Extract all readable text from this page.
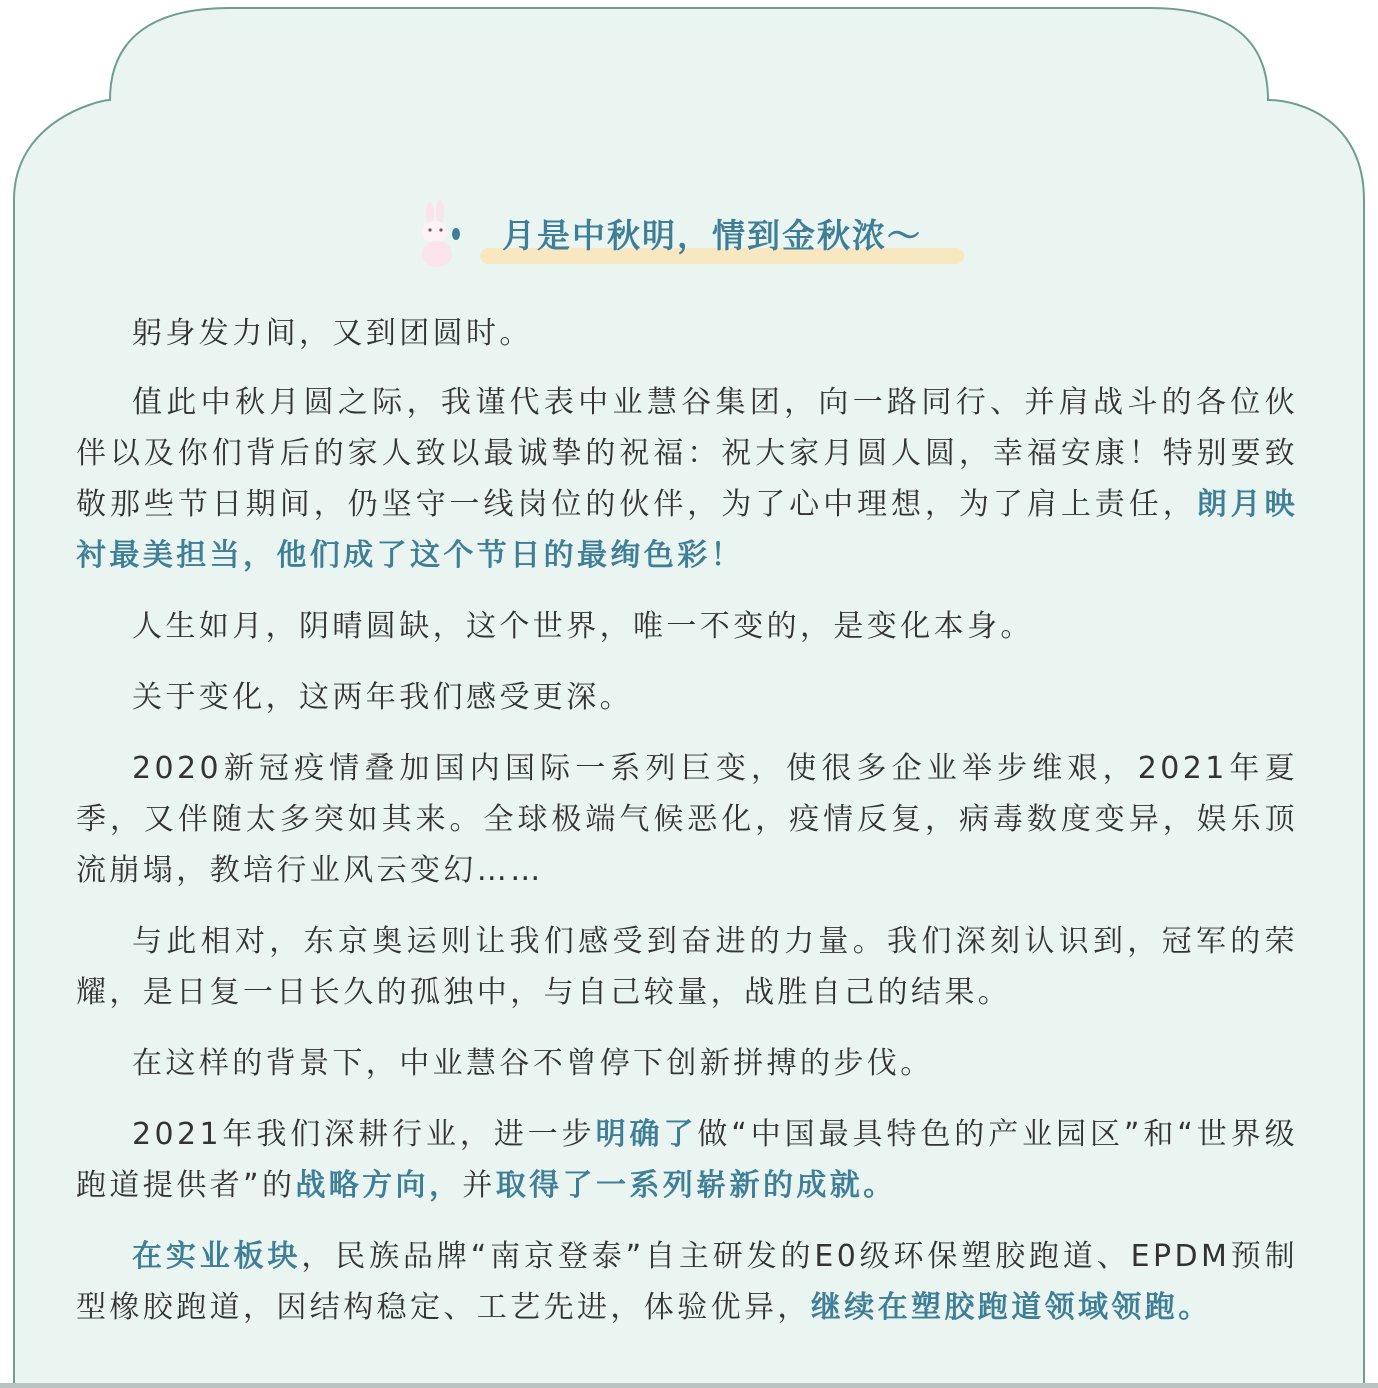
月是中秋明，情到金秋浓～

躬身发力间，又到团圆时。

值此中秋月圆之际，我谨代表中业慧谷集团，向一路同行、并肩战斗的各位伙伴以及你们背后的家人致以最诚挚的祝福：祝大家月圆人圆，幸福安康！特别要致敬那些节日期间，仍坚守一线岗位的伙伴，为了心中理想，为了肩上责任，朗月映衬最美担当，他们成了这个节日的最绚色彩！

人生如月，阴晴圆缺，这个世界，唯一不变的，是变化本身。

关于变化，这两年我们感受更深。

2020新冠疫情叠加国内国际一系列巨变，使很多企业举步维艰，2021年夏季，又伴随太多突如其来。全球极端气候恶化，疫情反复，病毒数度变异，娱乐顶流崩塌，教培行业风云变幻……

与此相对，东京奥运则让我们感受到奋进的力量。我们深刻认识到，冠军的荣耀，是日复一日长久的孤独中，与自己较量，战胜自己的结果。

在这样的背景下，中业慧谷不曾停下创新拼搏的步伐。

2021年我们深耕行业，进一步明确了做“中国最具特色的产业园区”和“世界级跑道提供者”的战略方向，并取得了一系列崭新的成就。

在实业板块，民族品牌“南京登泰”自主研发的E0级环保塑胶跑道、EPDM预制型橡胶跑道，因结构稳定、工艺先进，体验优异，继续在塑胶跑道领域领跑。
